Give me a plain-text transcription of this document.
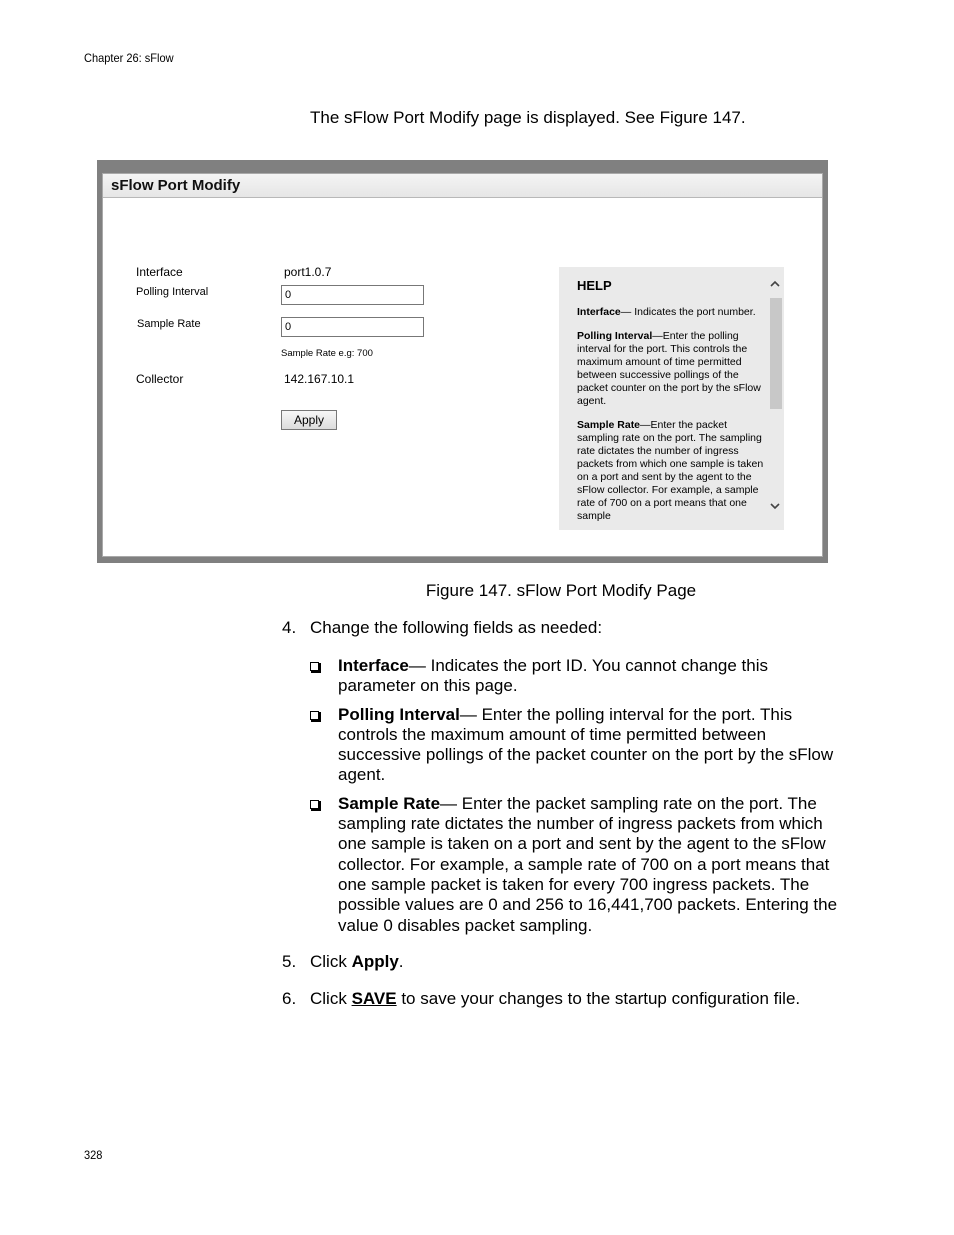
Chapter 26: sFlow
The sFlow Port Modify page is displayed. See Figure 147.
sFlow Port Modify
Interface	port1.0.7
Polling Interval
0
Sample Rate
0
Sample Rate e.g: 700
Collector	142.167.10.1
Apply
HELP
Interface— Indicates the port number.
Polling Interval—Enter the polling interval for the port. This controls the maximum amount of time permitted between successive pollings of the packet counter on the port by the sFlow agent.
Sample Rate—Enter the packet sampling rate on the port. The sampling rate dictates the number of ingress packets from which one sample is taken on a port and sent by the agent to the sFlow collector. For example, a sample rate of 700 on a port means that one sample
Figure 147. sFlow Port Modify Page
4. Change the following fields as needed:
Interface— Indicates the port ID. You cannot change this parameter on this page.
Polling Interval— Enter the polling interval for the port. This controls the maximum amount of time permitted between successive pollings of the packet counter on the port by the sFlow agent.
Sample Rate— Enter the packet sampling rate on the port. The sampling rate dictates the number of ingress packets from which one sample is taken on a port and sent by the agent to the sFlow collector. For example, a sample rate of 700 on a port means that one sample packet is taken for every 700 ingress packets. The possible values are 0 and 256 to 16,441,700 packets. Entering the value 0 disables packet sampling.
5. Click Apply.
6. Click SAVE to save your changes to the startup configuration file.
328
